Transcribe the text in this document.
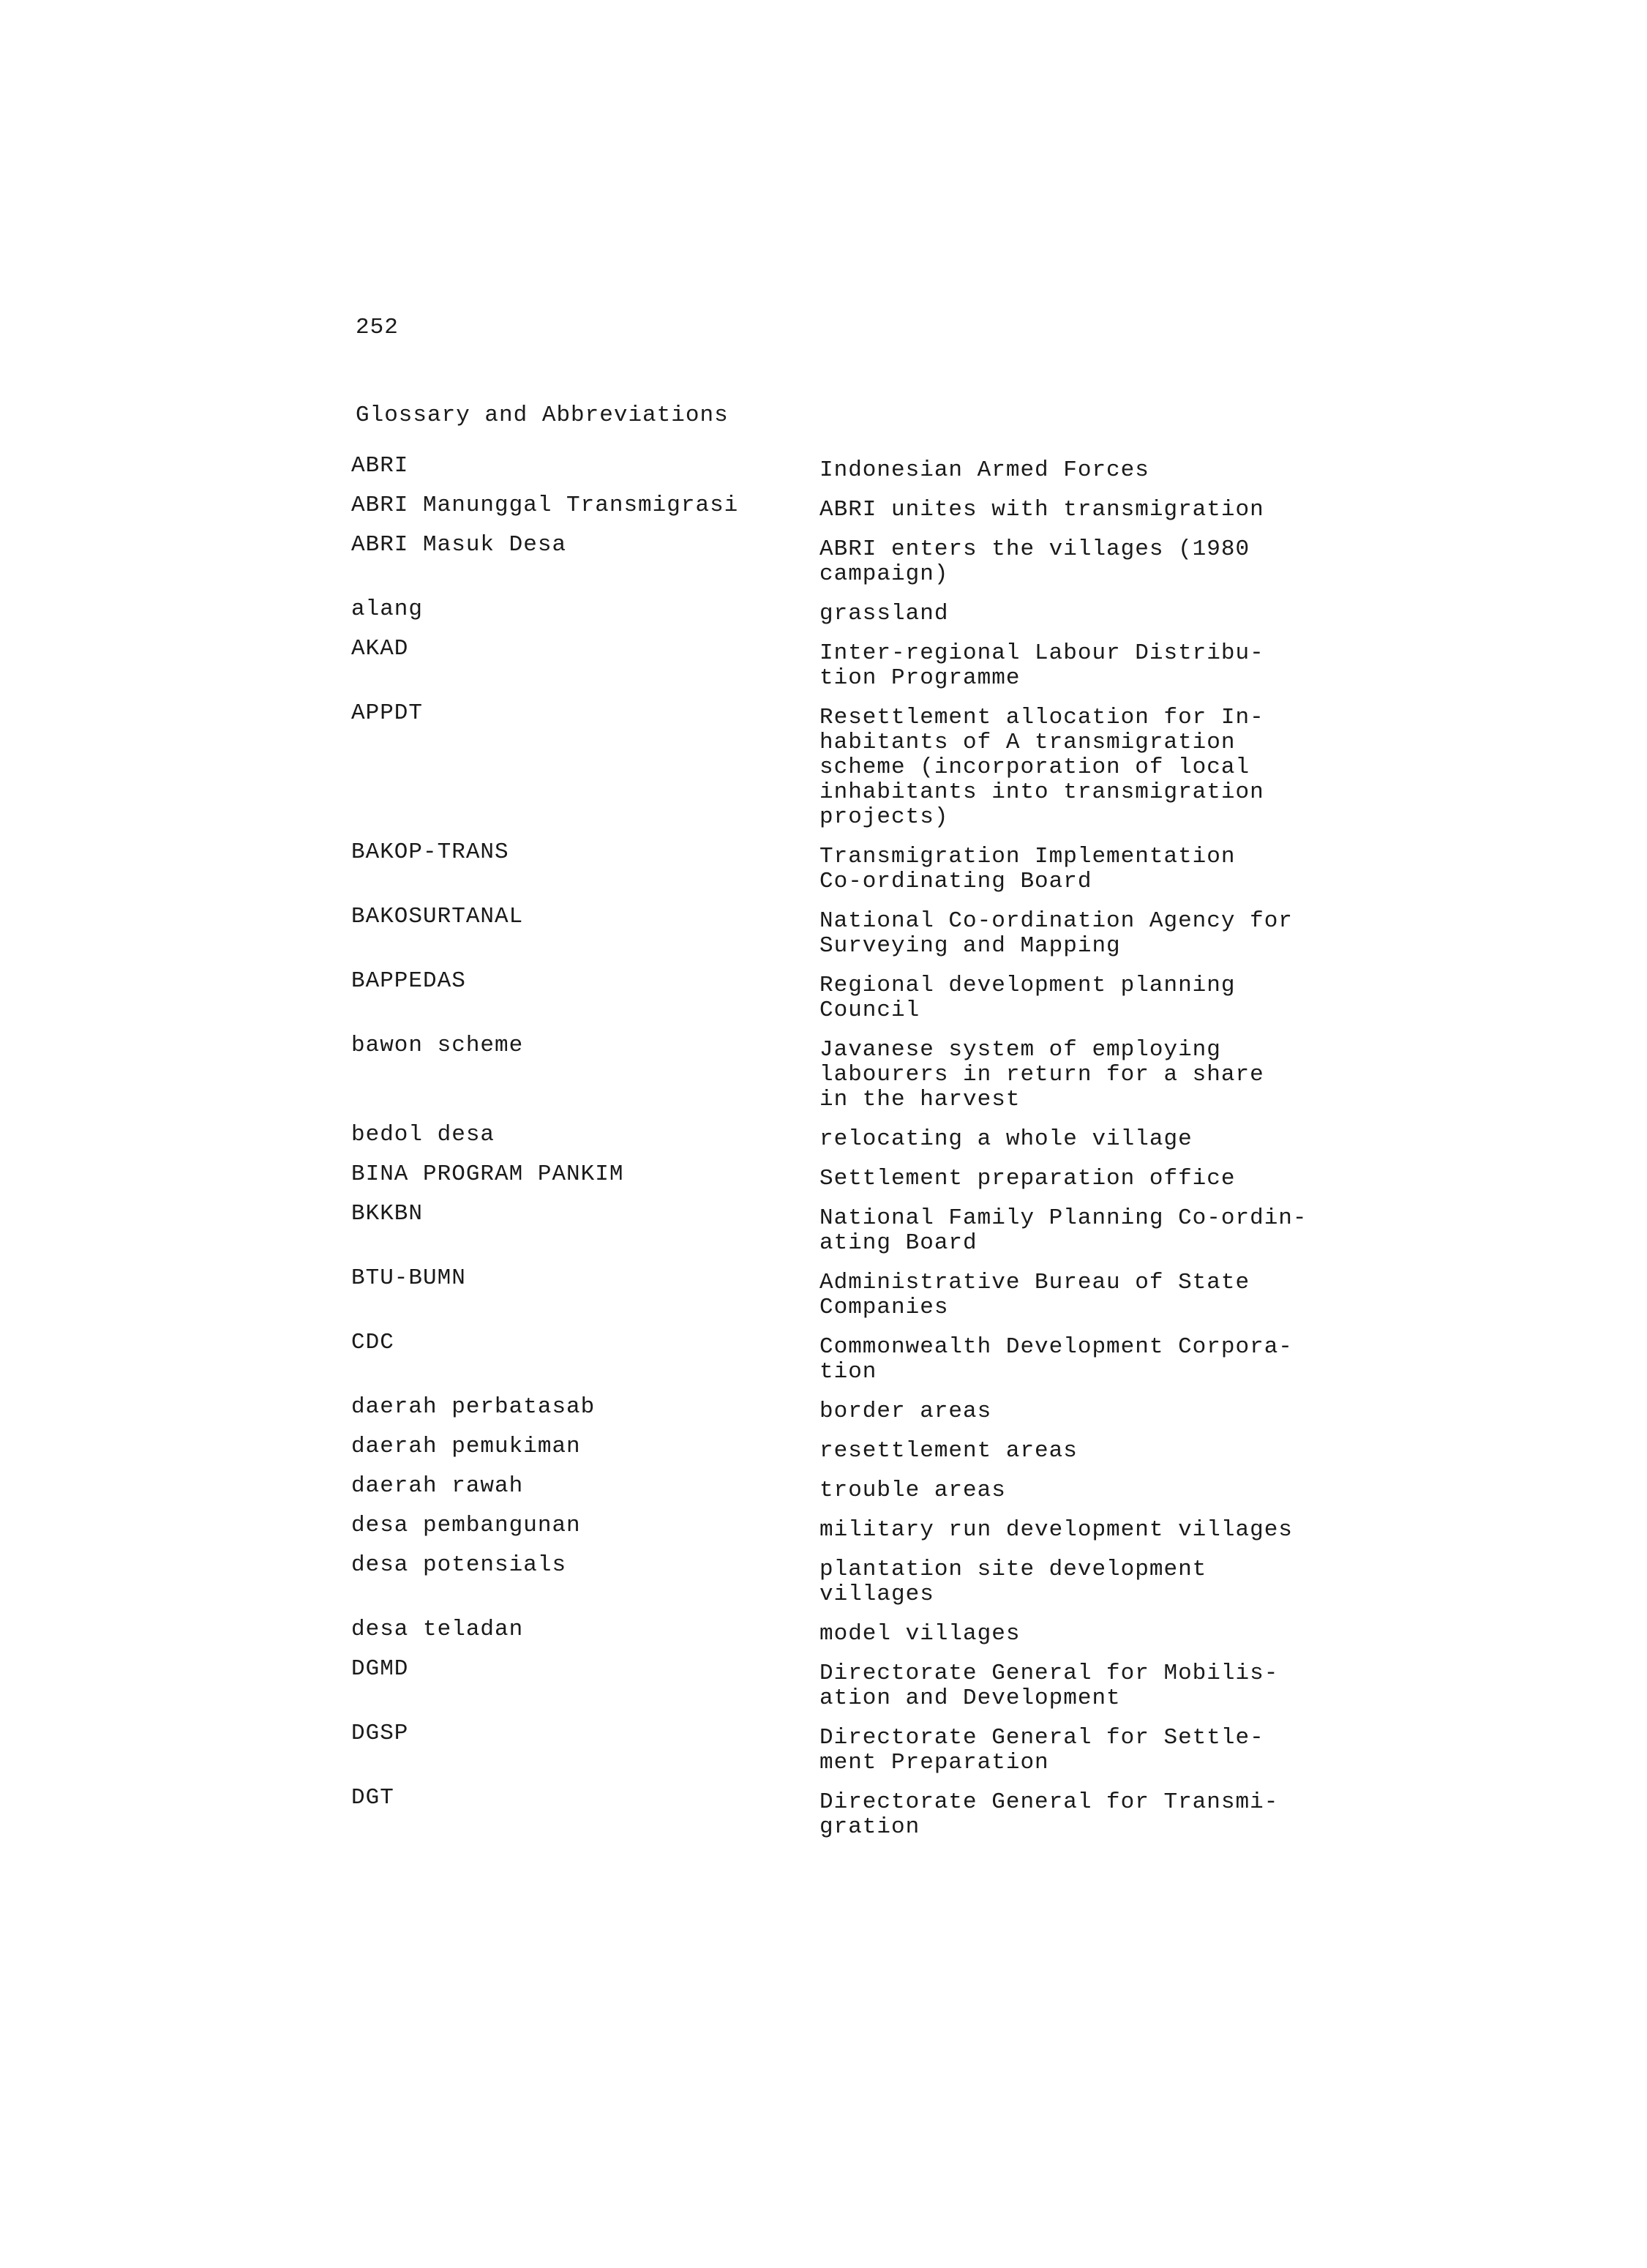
252
Glossary and Abbreviations
ABRI	Indonesian Armed Forces
ABRI Manunggal Transmigrasi	ABRI unites with transmigration
ABRI Masuk Desa	ABRI enters the villages (1980
campaign)
alang	grassland
AKAD	Inter-regional Labour Distribu-
tion Programme
APPDT	Resettlement allocation for In-
habitants of A transmigration
scheme (incorporation of local
inhabitants into transmigration
projects)
BAKOP-TRANS	Transmigration Implementation
Co-ordinating Board
BAKOSURTANAL	National Co-ordination Agency for
Surveying and Mapping
BAPPEDAS	Regional development planning
Council
bawon scheme	Javanese system of employing
labourers in return for a share
in the harvest
bedol desa	relocating a whole village
BINA PROGRAM PANKIM	Settlement preparation office
BKKBN	National Family Planning Co-ordin-
ating Board
BTU-BUMN	Administrative Bureau of State
Companies
CDC	Commonwealth Development Corpora-
tion
daerah perbatasab	border areas
daerah pemukiman	resettlement areas
daerah rawah	trouble areas
desa pembangunan	military run development villages
desa potensials	plantation site development villages
desa teladan	model villages
DGMD	Directorate General for Mobilis-
ation and Development
DGSP	Directorate General for Settle-
ment Preparation
DGT	Directorate General for Transmi-
gration
